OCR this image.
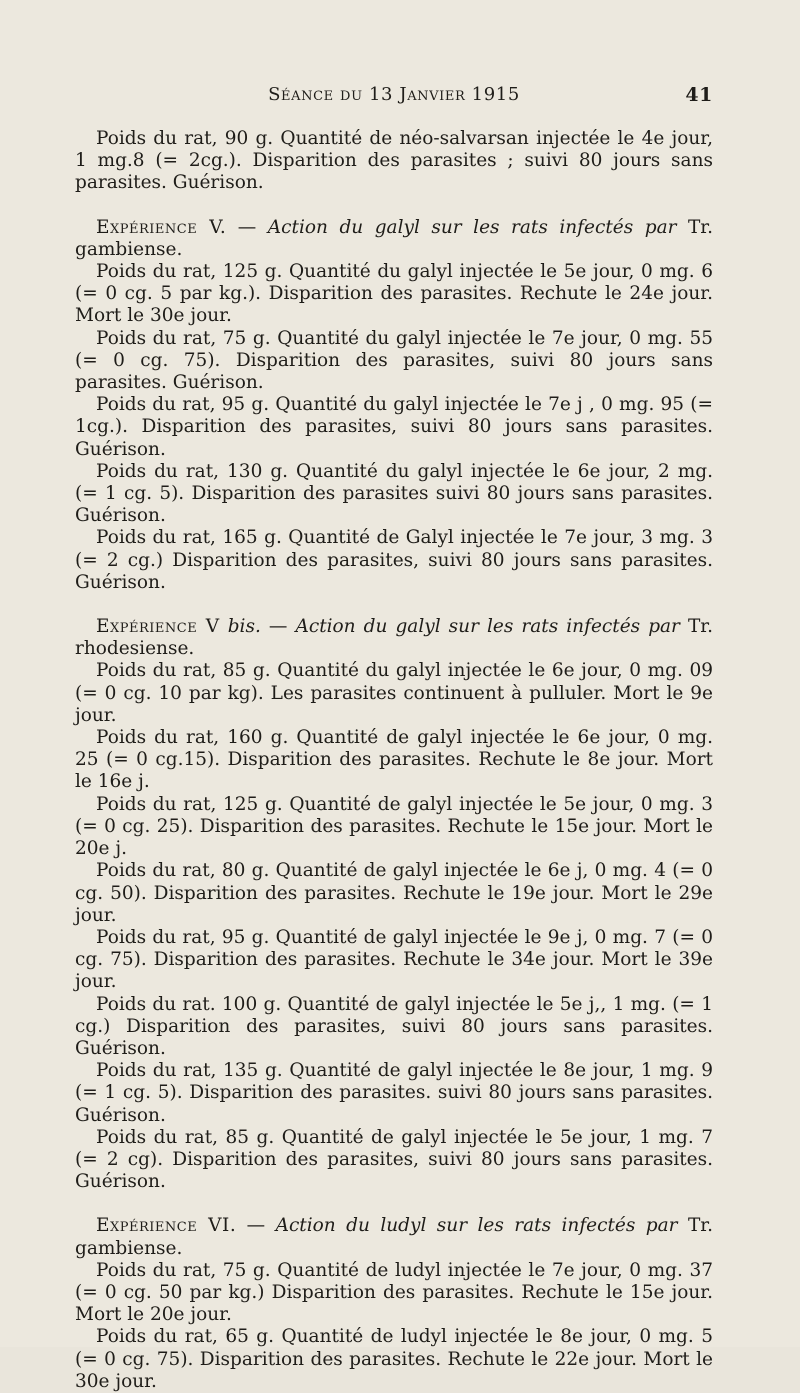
Séance du 13 Janvier 1915	41

Poids du rat, 90 g. Quantité de néo-salvarsan injectée le 4e jour, 1 mg.8 (= 2cg.). Disparition des parasites ; suivi 80 jours sans parasites. Guérison.

Expérience V. — Action du galyl sur les rats infectés par Tr. gambiense.

Poids du rat, 125 g. Quantité du galyl injectée le 5e jour, 0 mg. 6 (= 0 cg. 5 par kg.). Disparition des parasites. Rechute le 24e jour. Mort le 30e jour.

Poids du rat, 75 g. Quantité du galyl injectée le 7e jour, 0 mg. 55 (= 0 cg. 75). Disparition des parasites, suivi 80 jours sans parasites. Guérison.

Poids du rat, 95 g. Quantité du galyl injectée le 7e j , 0 mg. 95 (= 1cg.). Disparition des parasites, suivi 80 jours sans parasites. Guérison.

Poids du rat, 130 g. Quantité du galyl injectée le 6e jour, 2 mg. (= 1 cg. 5). Disparition des parasites suivi 80 jours sans parasites. Guérison.

Poids du rat, 165 g. Quantité de Galyl injectée le 7e jour, 3 mg. 3 (= 2 cg.) Disparition des parasites, suivi 80 jours sans parasites. Guérison.

Expérience V bis. — Action du galyl sur les rats infectés par Tr. rhodesiense.

Poids du rat, 85 g. Quantité du galyl injectée le 6e jour, 0 mg. 09 (= 0 cg. 10 par kg). Les parasites continuent à pulluler. Mort le 9e jour.

Poids du rat, 160 g. Quantité de galyl injectée le 6e jour, 0 mg. 25 (= 0 cg.15). Disparition des parasites. Rechute le 8e jour. Mort le 16e j.

Poids du rat, 125 g. Quantité de galyl injectée le 5e jour, 0 mg. 3 (= 0 cg. 25). Disparition des parasites. Rechute le 15e jour. Mort le 20e j.

Poids du rat, 80 g. Quantité de galyl injectée le 6e j, 0 mg. 4 (= 0 cg. 50). Disparition des parasites. Rechute le 19e jour. Mort le 29e jour.

Poids du rat, 95 g. Quantité de galyl injectée le 9e j, 0 mg. 7 (= 0 cg. 75). Disparition des parasites. Rechute le 34e jour. Mort le 39e jour.

Poids du rat. 100 g. Quantité de galyl injectée le 5e j,, 1 mg. (= 1 cg.) Disparition des parasites, suivi 80 jours sans parasites. Guérison.

Poids du rat, 135 g. Quantité de galyl injectée le 8e jour, 1 mg. 9 (= 1 cg. 5). Disparition des parasites. suivi 80 jours sans parasites. Guérison.

Poids du rat, 85 g. Quantité de galyl injectée le 5e jour, 1 mg. 7 (= 2 cg). Disparition des parasites, suivi 80 jours sans parasites. Guérison.

Expérience VI. — Action du ludyl sur les rats infectés par Tr. gambiense.

Poids du rat, 75 g. Quantité de ludyl injectée le 7e jour, 0 mg. 37 (= 0 cg. 50 par kg.) Disparition des parasites. Rechute le 15e jour. Mort le 20e jour.

Poids du rat, 65 g. Quantité de ludyl injectée le 8e jour, 0 mg. 5 (= 0 cg. 75). Disparition des parasites. Rechute le 22e jour. Mort le 30e jour.
